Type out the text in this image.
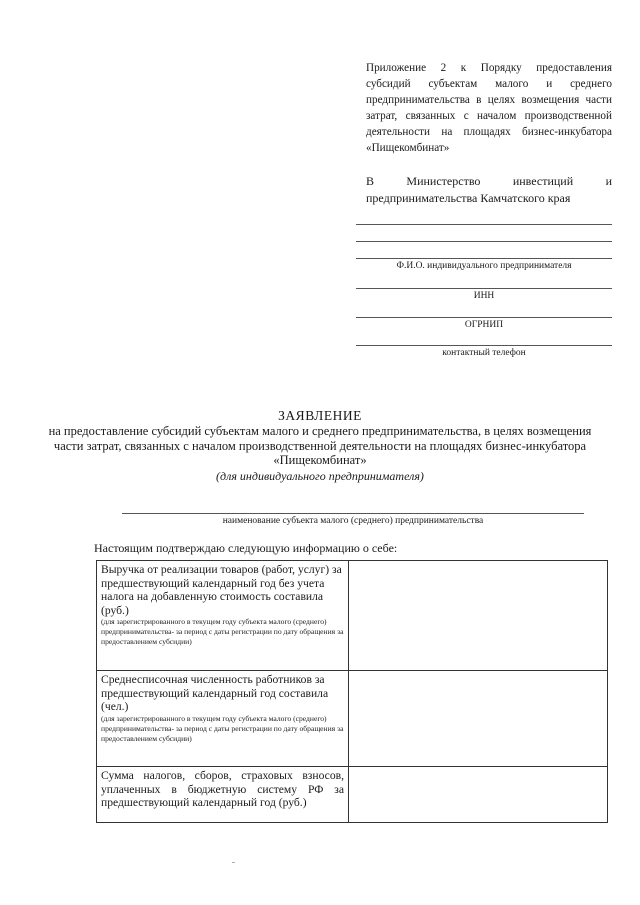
Приложение 2 к Порядку предоставления субсидий субъектам малого и среднего предпринимательства в целях возмещения части затрат, связанных с началом производственной деятельности на площадях бизнес-инкубатора «Пищекомбинат»
В	Министерство	инвестиций	и
предпринимательства Камчатского края
Ф.И.О. индивидуального предпринимателя
ИНН
ОГРНИП
контактный телефон
ЗАЯВЛЕНИЕ
на предоставление субсидий субъектам малого и среднего предпринимательства, в целях возмещения части затрат, связанных с началом производственной деятельности на площадях бизнес-инкубатора «Пищекомбинат»
(для индивидуального предпринимателя)
наименование субъекта малого (среднего) предпринимательства
Настоящим подтверждаю следующую информацию о себе:
Выручка от реализации товаров (работ, услуг) за предшествующий календарный год без учета налога на добавленную стоимость составила (руб.)
(для зарегистрированного в текущем году субъекта малого (среднего) предпринимательства- за период с даты регистрации по дату обращения за предоставлением субсидии)	

Среднесписочная численность работников за предшествующий календарный год составила (чел.)
(для зарегистрированного в текущем году субъекта малого (среднего) предпринимательства- за период с даты регистрации по дату обращения за предоставлением субсидии)	

Сумма налогов, сборов, страховых взносов, уплаченных в бюджетную систему РФ за предшествующий календарный год (руб.)	
